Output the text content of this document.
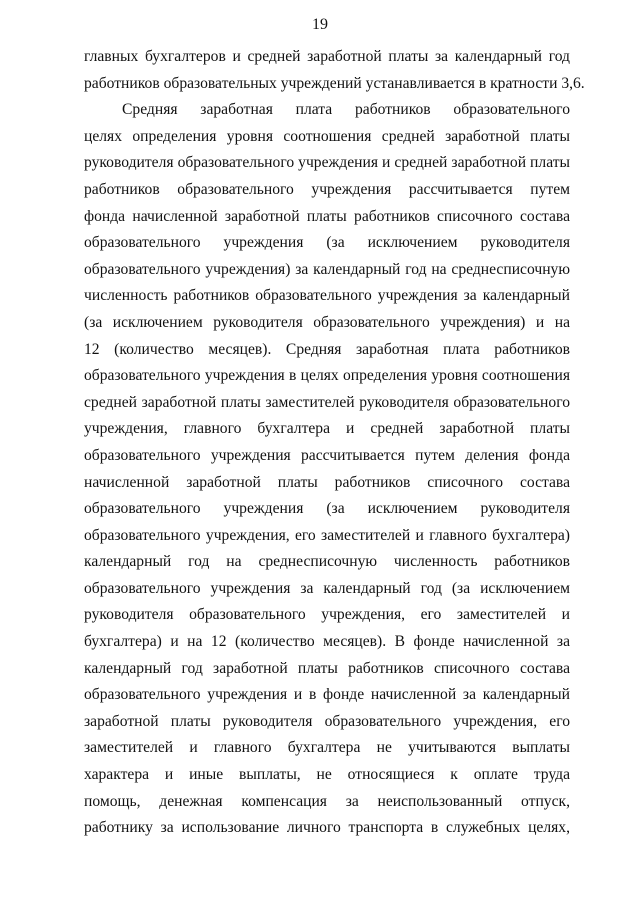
19
главных бухгалтеров и средней заработной платы за календарный год
работников образовательных учреждений устанавливается в кратности 3,6.
Средняя заработная плата работников образовательного
целях определения уровня соотношения средней заработной платы
руководителя образовательного учреждения и средней заработной платы
работников образовательного учреждения рассчитывается путем
фонда начисленной заработной платы работников списочного состава
образовательного учреждения (за исключением руководителя
образовательного учреждения) за календарный год на среднесписочную
численность работников образовательного учреждения за календарный
(за исключением руководителя образовательного учреждения) и на
12 (количество месяцев). Средняя заработная плата работников
образовательного учреждения в целях определения уровня соотношения
средней заработной платы заместителей руководителя образовательного
учреждения, главного бухгалтера и средней заработной платы
образовательного учреждения рассчитывается путем деления фонда
начисленной заработной платы работников списочного состава
образовательного учреждения (за исключением руководителя
образовательного учреждения, его заместителей и главного бухгалтера)
календарный год на среднесписочную численность работников
образовательного учреждения за календарный год (за исключением
руководителя образовательного учреждения, его заместителей и
бухгалтера) и на 12 (количество месяцев). В фонде начисленной за
календарный год заработной платы работников списочного состава
образовательного учреждения и в фонде начисленной за календарный
заработной платы руководителя образовательного учреждения, его
заместителей и главного бухгалтера не учитываются выплаты
характера и иные выплаты, не относящиеся к оплате труда
помощь, денежная компенсация за неиспользованный отпуск,
работнику за использование личного транспорта в служебных целях,
